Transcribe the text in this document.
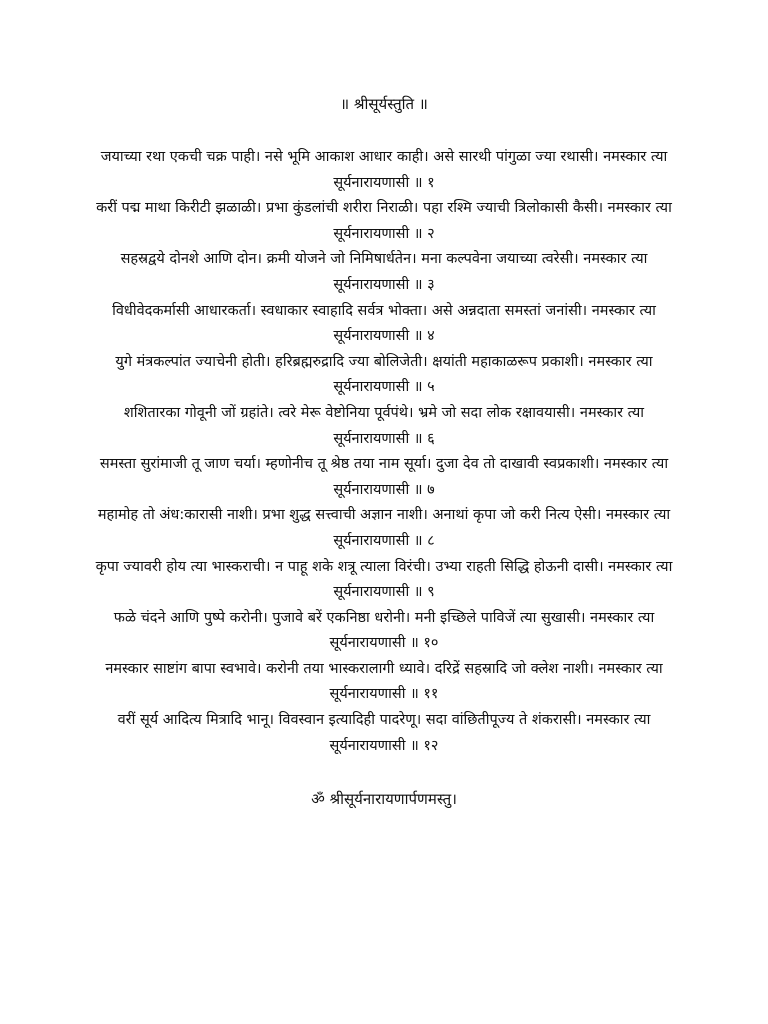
॥ श्रीसूर्यस्तुति ॥

जयाच्या रथा एकची चक्र पाही। नसे भूमि आकाश आधार काही। असे सारथी पांगुळा ज्या रथासी। नमस्कार त्या सूर्यनारायणासी ॥ १

करीं पद्म माथा किरीटी झळाळी। प्रभा कुंडलांची शरीरा निराळी। पहा रश्मि ज्याची त्रिलोकासी कैसी। नमस्कार त्या सूर्यनारायणासी ॥ २

सहस्रद्वये दोनशे आणि दोन। क्रमी योजने जो निमिषार्धतेन। मना कल्पवेना जयाच्या त्वरेसी। नमस्कार त्या सूर्यनारायणासी ॥ ३

विधीवेदकर्मासी आधारकर्ता। स्वधाकार स्वाहादि सर्वत्र भोक्ता। असे अन्नदाता समस्तां जनांसी। नमस्कार त्या सूर्यनारायणासी ॥ ४

युगे मंत्रकल्पांत ज्याचेनी होती। हरिब्रह्मरुद्रादि ज्या बोलिजेती। क्षयांती महाकाळरूप प्रकाशी। नमस्कार त्या सूर्यनारायणासी ॥ ५

शशितारका गोवूनी जों ग्रहांते। त्वरे मेरू वेष्टोनिया पूर्वपंथे। भ्रमे जो सदा लोक रक्षावयासी। नमस्कार त्या सूर्यनारायणासी ॥ ६

समस्ता सुरांमाजी तू जाण चर्या। म्हणोनीच तू श्रेष्ठ तया नाम सूर्या। दुजा देव तो दाखावी स्वप्रकाशी। नमस्कार त्या सूर्यनारायणासी ॥ ७

महामोह तो अंध:कारासी नाशी। प्रभा शुद्ध सत्त्वाची अज्ञान नाशी। अनाथां कृपा जो करी नित्य ऐसी। नमस्कार त्या सूर्यनारायणासी ॥ ८

कृपा ज्यावरी होय त्या भास्कराची। न पाहू शके शत्रू त्याला विरंची। उभ्या राहती सिद्धि होऊनी दासी। नमस्कार त्या सूर्यनारायणासी ॥ ९

फळे चंदने आणि पुष्पे करोनी। पुजावे बरें एकनिष्ठा धरोनी। मनी इच्छिले पाविजें त्या सुखासी। नमस्कार त्या सूर्यनारायणासी ॥ १०

नमस्कार साष्टांग बापा स्वभावे। करोनी तया भास्करालागी ध्यावे। दरिद्रें सहस्रादि जो क्लेश नाशी। नमस्कार त्या सूर्यनारायणासी ॥ ११

वरीं सूर्य आदित्य मित्रादि भानू। विवस्वान इत्यादिही पादरेणू। सदा वांछितीपूज्य ते शंकरासी। नमस्कार त्या सूर्यनारायणासी ॥ १२

ॐ श्रीसूर्यनारायणार्पणमस्तु।
